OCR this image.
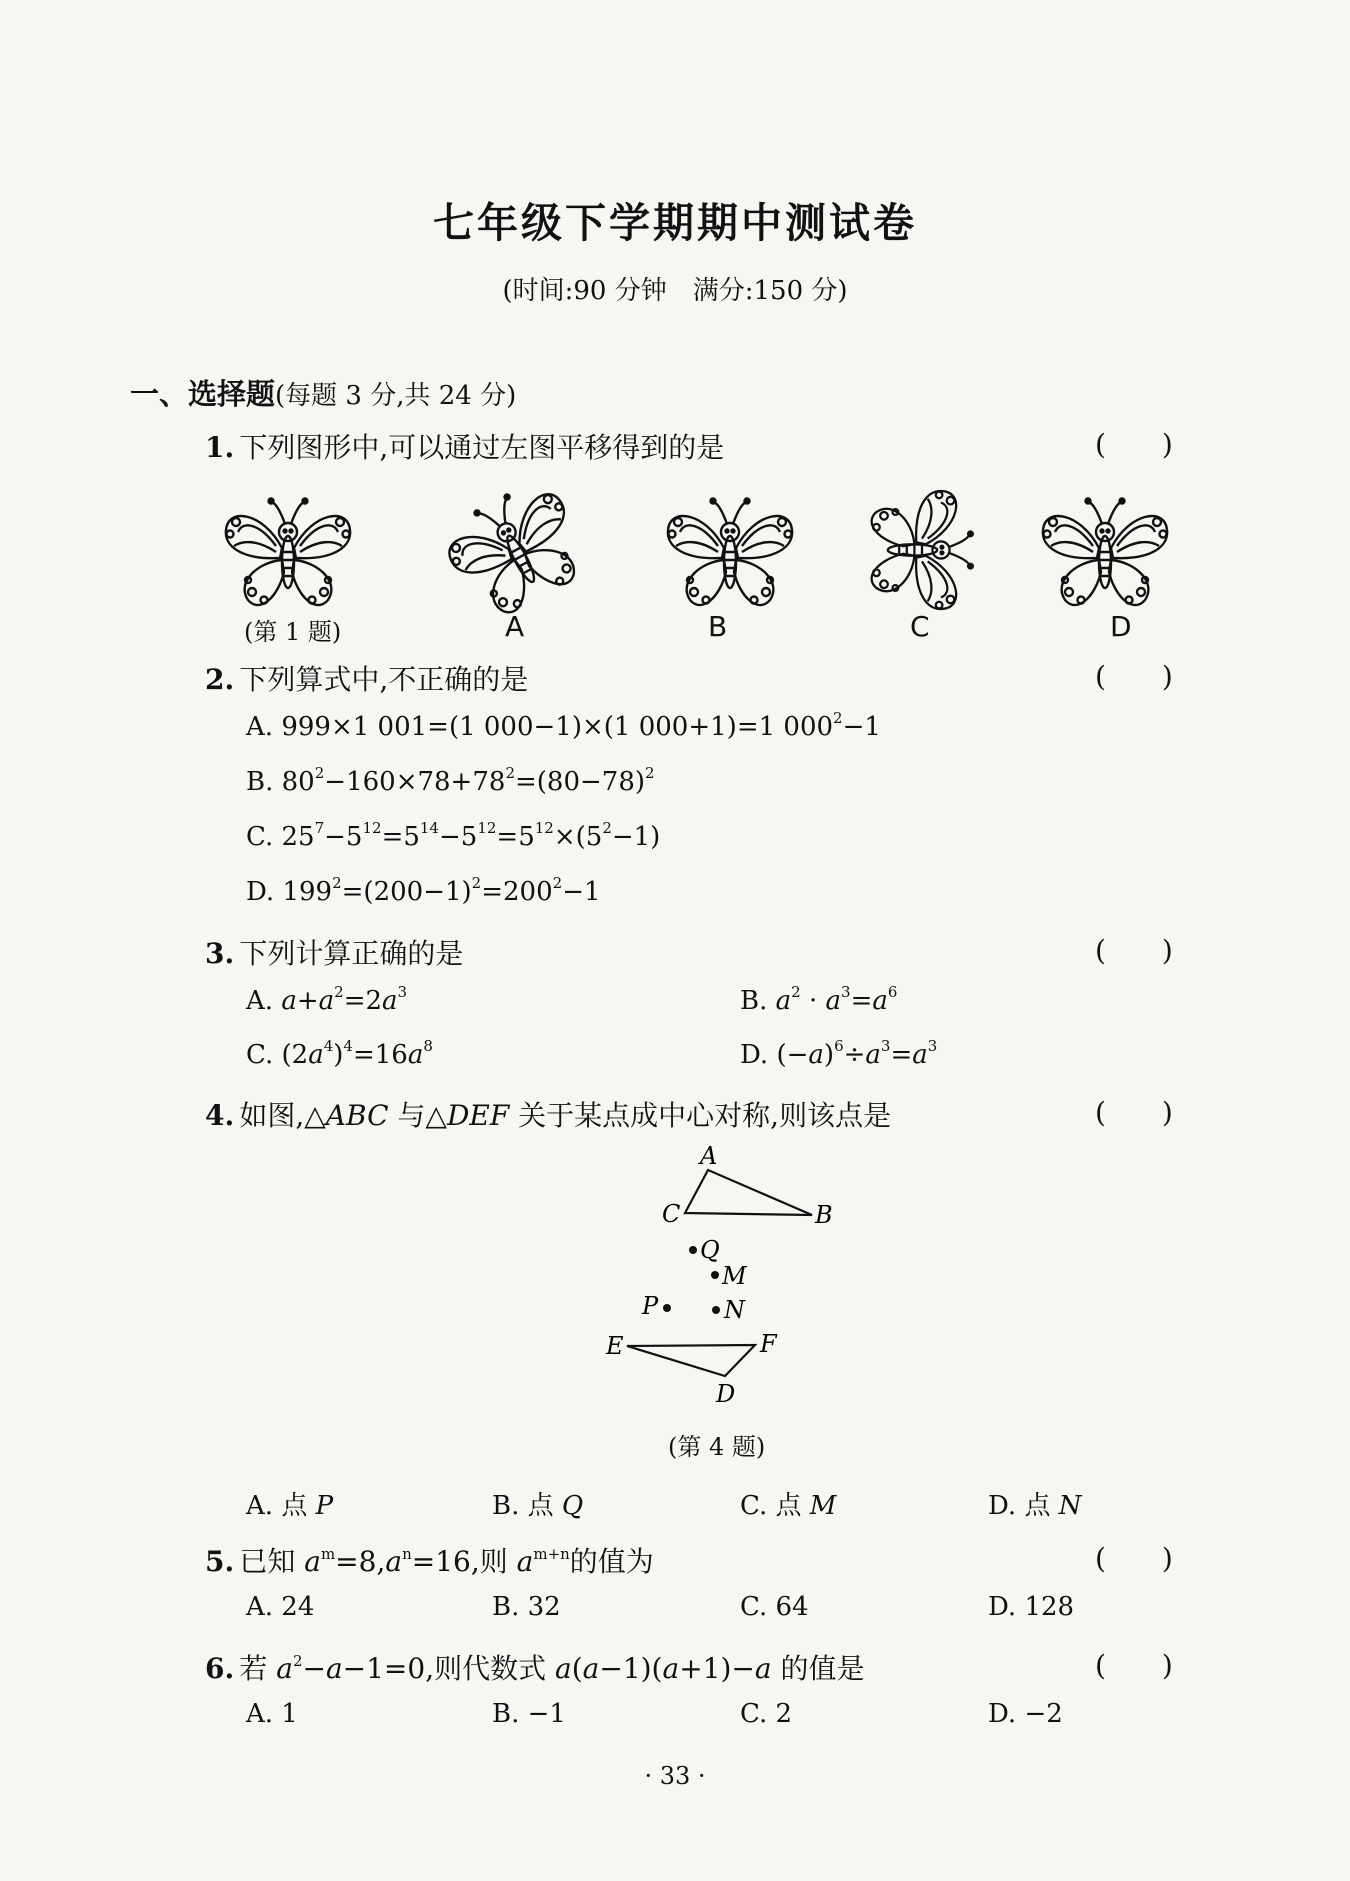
七年级下学期期中测试卷
(时间:90 分钟　满分:150 分)
一、选择题(每题 3 分,共 24 分)
1. 下列图形中,可以通过左图平移得到的是	(　　)
(第 1 题)	A	B	C	D
2. 下列算式中,不正确的是	(　　)
A. 999×1 001=(1 000−1)×(1 000+1)=1 $000^2-1$
B. $80^2-160\times 78+78^2=(80-78)^2$
C. $25^7-5^{12}=5^{14}-5^{12}=5^{12}\times(5^2-1)$
D. $199^2=(200-1)^2=200^2-1$
3. 下列计算正确的是	(　　)
A. $a+a^2=2a^3$	B. $a^2 \cdot a^3=a^6$
C. $(2a^4)^4=16a^8$	D. $(-a)^6\div a^3=a^3$
4. 如图,△ABC 与△DEF 关于某点成中心对称,则该点是	(　　)
A
C	B
Q
M
P	N
E	F
D
(第 4 题)
A. 点 P	B. 点 Q	C. 点 M	D. 点 N
5. 已知 $a^m=8,a^n=16$,则 $a^{m+n}$的值为	(　　)
A. 24	B. 32	C. 64	D. 128
6. 若 $a^2-a-1=0$,则代数式 a(a−1)(a+1)−a 的值是	(　　)
A. 1	B. −1	C. 2	D. −2
· 33 ·
